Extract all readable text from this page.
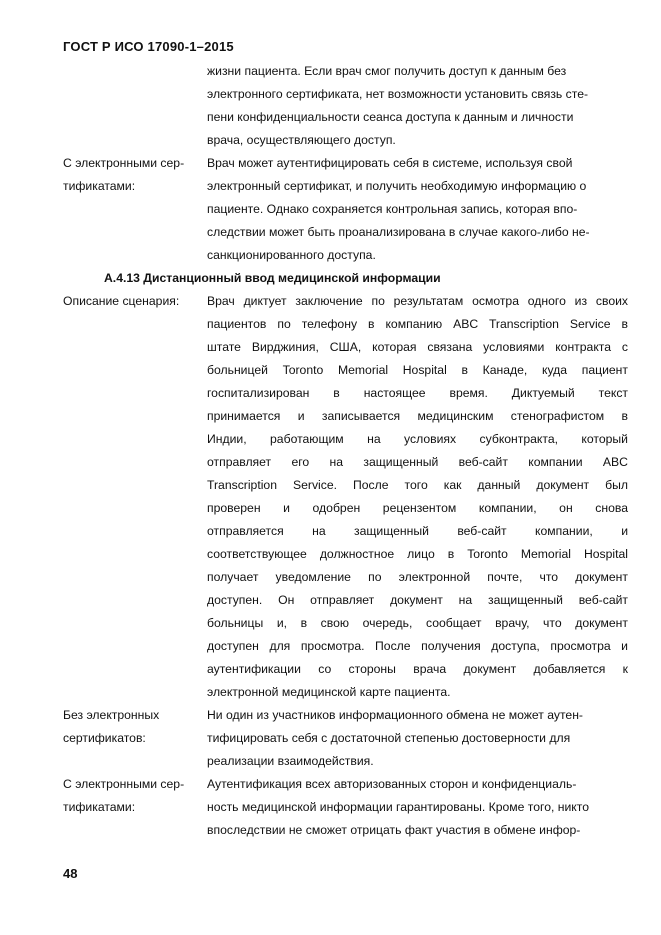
ГОСТ Р ИСО 17090-1–2015
жизни пациента. Если врач смог получить доступ к данным без
электронного сертификата, нет возможности установить связь сте-
пени конфиденциальности сеанса доступа к данным и личности
врача, осуществляющего доступ.
С электронными сер-
тификатами:
Врач может аутентифицировать себя в системе, используя свой
электронный сертификат, и получить необходимую информацию о
пациенте. Однако сохраняется контрольная запись, которая впо-
следствии может быть проанализирована в случае какого-либо не-
санкционированного доступа.
А.4.13 Дистанционный ввод медицинской информации
Описание сценария: Врач диктует заключение по результатам осмотра одного из своих
пациентов по телефону в компанию ABC Transcription Service в
штате Вирджиния, США, которая связана условиями контракта с
больницей Toronto Memorial Hospital в Канаде, куда пациент
госпитализирован в настоящее время. Диктуемый текст
принимается и записывается медицинским стенографистом в
Индии, работающим на условиях субконтракта, который
отправляет его на защищенный веб-сайт компании ABC
Transcription Service. После того как данный документ был
проверен и одобрен рецензентом компании, он снова
отправляется на защищенный веб-сайт компании, и
соответствующее должностное лицо в Toronto Memorial Hospital
получает уведомление по электронной почте, что документ
доступен. Он отправляет документ на защищенный веб-сайт
больницы и, в свою очередь, сообщает врачу, что документ
доступен для просмотра. После получения доступа, просмотра и
аутентификации со стороны врача документ добавляется к
электронной медицинской карте пациента.
Без электронных
сертификатов:
Ни один из участников информационного обмена не может аутен-
тифицировать себя с достаточной степенью достоверности для
реализации взаимодействия.
С электронными сер-
тификатами:
Аутентификация всех авторизованных сторон и конфиденциаль-
ность медицинской информации гарантированы. Кроме того, никто
впоследствии не сможет отрицать факт участия в обмене инфор-
48
